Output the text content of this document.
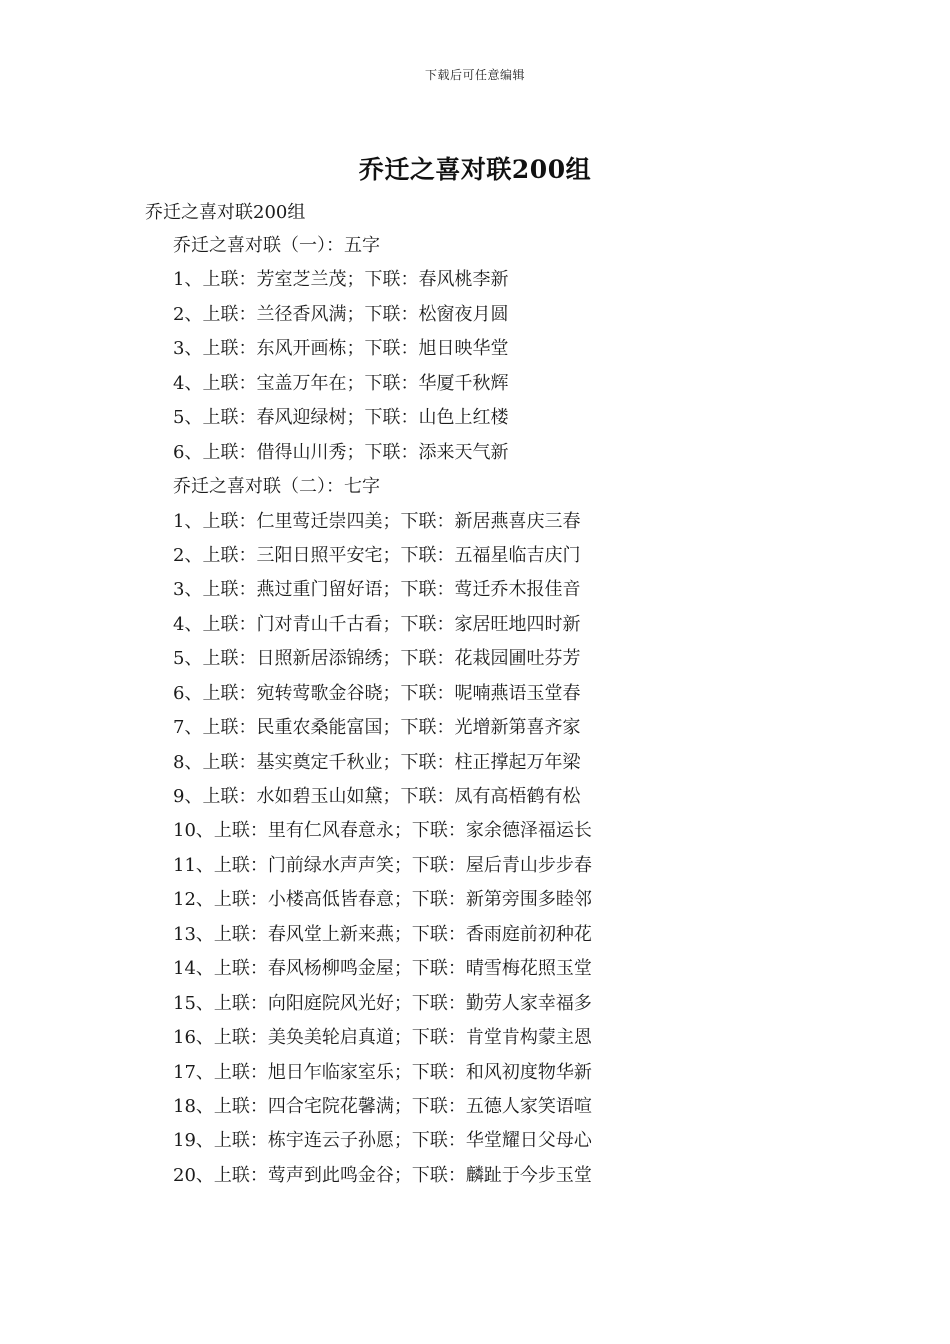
下载后可任意编辑
乔迁之喜对联200组
乔迁之喜对联200组
乔迁之喜对联（一）：五字
1、上联：芳室芝兰茂；下联：春风桃李新
2、上联：兰径香风满；下联：松窗夜月圆
3、上联：东风开画栋；下联：旭日映华堂
4、上联：宝盖万年在；下联：华厦千秋辉
5、上联：春风迎绿树；下联：山色上红楼
6、上联：借得山川秀；下联：添来天气新
乔迁之喜对联（二）：七字
1、上联：仁里莺迁崇四美；下联：新居燕喜庆三春
2、上联：三阳日照平安宅；下联：五福星临吉庆门
3、上联：燕过重门留好语；下联：莺迁乔木报佳音
4、上联：门对青山千古看；下联：家居旺地四时新
5、上联：日照新居添锦绣；下联：花栽园圃吐芬芳
6、上联：宛转莺歌金谷晓；下联：呢喃燕语玉堂春
7、上联：民重农桑能富国；下联：光增新第喜齐家
8、上联：基实奠定千秋业；下联：柱正撑起万年梁
9、上联：水如碧玉山如黛；下联：凤有高梧鹤有松
10、上联：里有仁风春意永；下联：家余德泽福运长
11、上联：门前绿水声声笑；下联：屋后青山步步春
12、上联：小楼高低皆春意；下联：新第旁围多睦邻
13、上联：春风堂上新来燕；下联：香雨庭前初种花
14、上联：春风杨柳鸣金屋；下联：晴雪梅花照玉堂
15、上联：向阳庭院风光好；下联：勤劳人家幸福多
16、上联：美奂美轮启真道；下联：肯堂肯构蒙主恩
17、上联：旭日乍临家室乐；下联：和风初度物华新
18、上联：四合宅院花馨满；下联：五德人家笑语喧
19、上联：栋宇连云子孙愿；下联：华堂耀日父母心
20、上联：莺声到此鸣金谷；下联：麟趾于今步玉堂
